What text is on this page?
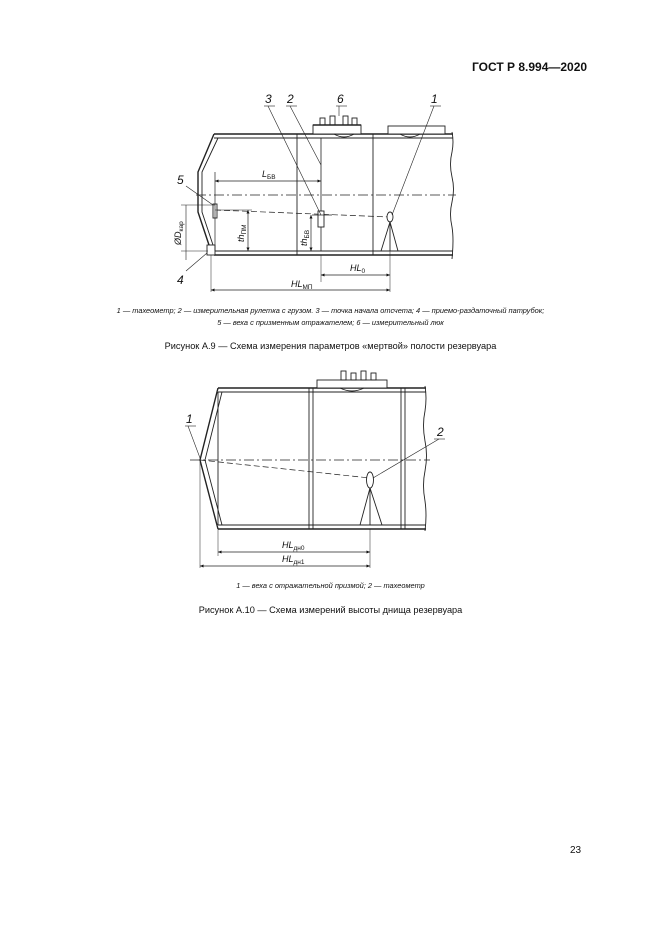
ГОСТ Р 8.994—2020
3 2	6	1
5
4
$L_{БВ}$
$HL_0$
$HL_{МП}$
$ØD_{кар}$
$th_{ПМ}$
$th_{БВ}$
1
2
$HL_{дн0}$
$HL_{дн1}$
1 — тахеометр; 2 — измерительная рулетка с грузом. 3 — точка начала отсчета; 4 — приемо-раздаточный патрубок;
5 — веха с призменным отражателем; 6 — измерительный люк
Рисунок А.9 — Схема измерения параметров «мертвой» полости резервуара
1 — веха с отражательной призмой; 2 — тахеометр
Рисунок А.10 — Схема измерений высоты днища резервуара
23
